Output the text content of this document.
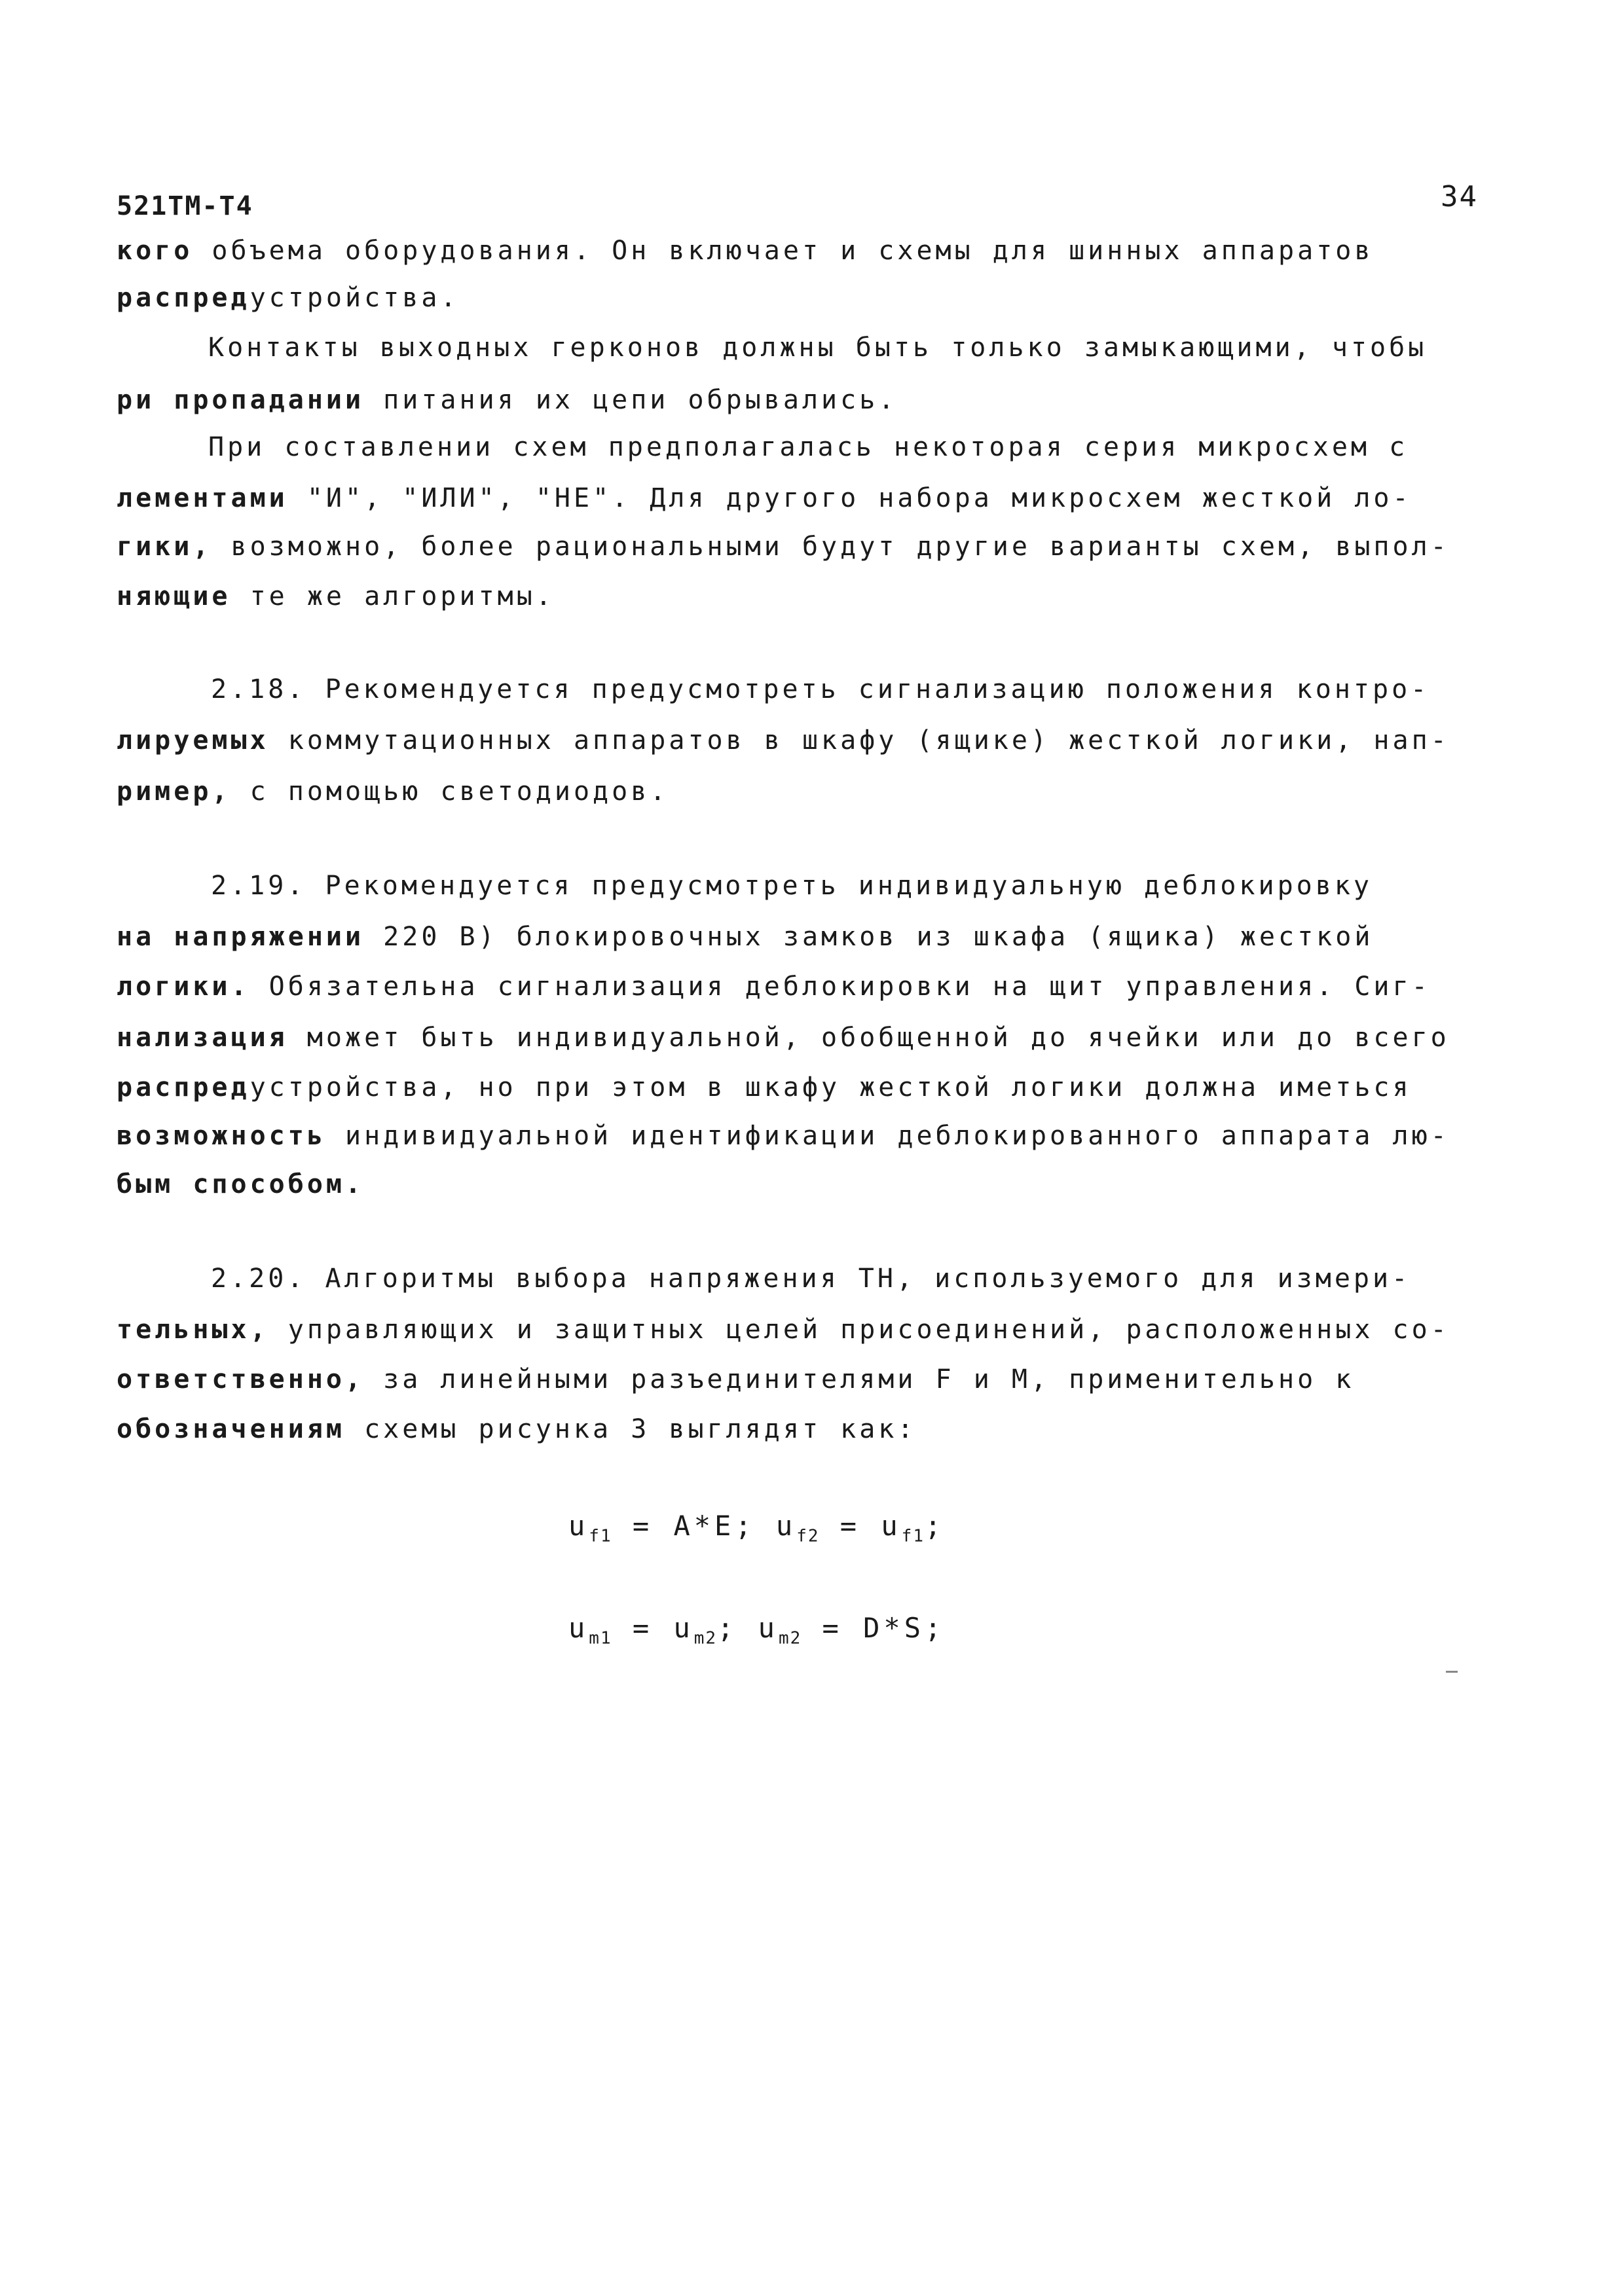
521ТМ-Т4	34
кого объема оборудования. Он включает и схемы для шинных аппаратов
распредустройства.
Контакты выходных герконов должны быть только замыкающими, чтобы
ри пропадании питания их цепи обрывались.
При составлении схем предполагалась некоторая серия микросхем с
лементами "И", "ИЛИ", "НЕ". Для другого набора микросхем жесткой ло-
гики, возможно, более рациональными будут другие варианты схем, выпол-
няющие те же алгоритмы.
2.18. Рекомендуется предусмотреть сигнализацию положения контро-
лируемых коммутационных аппаратов в шкафу (ящике) жесткой логики, нап-
ример, с помощью светодиодов.
2.19. Рекомендуется предусмотреть индивидуальную деблокировку
на напряжении 220 В) блокировочных замков из шкафа (ящика) жесткой
логики. Обязательна сигнализация деблокировки на щит управления. Сиг-
нализация может быть индивидуальной, обобщенной до ячейки или до всего
распредустройства, но при этом в шкафу жесткой логики должна иметься
возможность индивидуальной идентификации деблокированного аппарата лю-
бым способом.
2.20. Алгоритмы выбора напряжения ТН, используемого для измери-
тельных, управляющих и защитных целей присоединений, расположенных со-
ответственно, за линейными разъединителями F и М, применительно к
обозначениям схемы рисунка 3 выглядят как:
$u_{f1} = A*E$; $u_{f2} = u_{f1}$;
$u_{m1} = u_{m2}$; $u_{m2} = D*S$;
